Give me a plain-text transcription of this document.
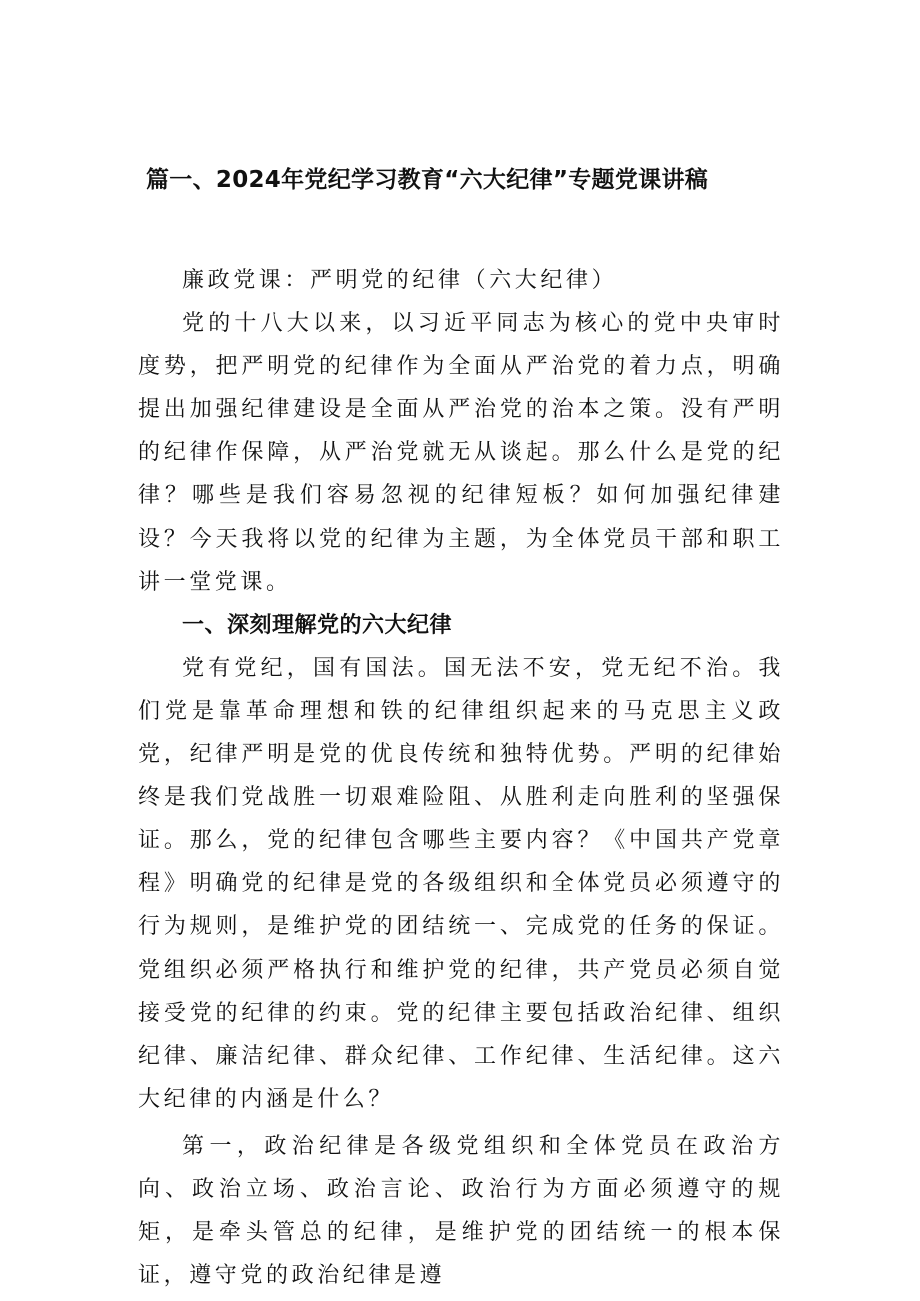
篇一、2024年党纪学习教育“六大纪律”专题党课讲稿

廉政党课：严明党的纪律（六大纪律）

党的十八大以来，以习近平同志为核心的党中央审时度势，把严明党的纪律作为全面从严治党的着力点，明确提出加强纪律建设是全面从严治党的治本之策。没有严明的纪律作保障，从严治党就无从谈起。那么什么是党的纪律？哪些是我们容易忽视的纪律短板？如何加强纪律建设？今天我将以党的纪律为主题，为全体党员干部和职工讲一堂党课。

一、深刻理解党的六大纪律

党有党纪，国有国法。国无法不安，党无纪不治。我们党是靠革命理想和铁的纪律组织起来的马克思主义政党，纪律严明是党的优良传统和独特优势。严明的纪律始终是我们党战胜一切艰难险阻、从胜利走向胜利的坚强保证。那么，党的纪律包含哪些主要内容？《中国共产党章程》明确党的纪律是党的各级组织和全体党员必须遵守的行为规则，是维护党的团结统一、完成党的任务的保证。党组织必须严格执行和维护党的纪律，共产党员必须自觉接受党的纪律的约束。党的纪律主要包括政治纪律、组织纪律、廉洁纪律、群众纪律、工作纪律、生活纪律。这六大纪律的内涵是什么？

第一，政治纪律是各级党组织和全体党员在政治方向、政治立场、政治言论、政治行为方面必须遵守的规矩，是牵头管总的纪律，是维护党的团结统一的根本保证，遵守党的政治纪律是遵
